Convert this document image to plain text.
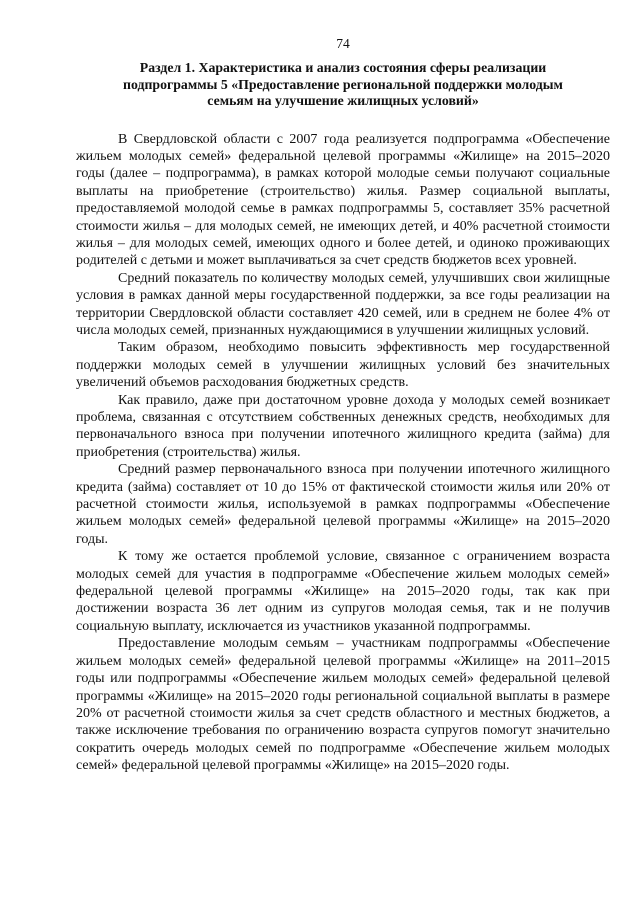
74
Раздел 1. Характеристика и анализ состояния сферы реализации
подпрограммы 5 «Предоставление региональной поддержки молодым
семьям на улучшение жилищных условий»

В Свердловской области с 2007 года реализуется подпрограмма «Обеспечение жильем молодых семей» федеральной целевой программы «Жилище» на 2015–2020 годы (далее – подпрограмма), в рамках которой молодые семьи получают социальные выплаты на приобретение (строительство) жилья. Размер социальной выплаты, предоставляемой молодой семье в рамках подпрограммы 5, составляет 35% расчетной стоимости жилья – для молодых семей, не имеющих детей, и 40% расчетной стоимости жилья – для молодых семей, имеющих одного и более детей, и одиноко проживающих родителей с детьми и может выплачиваться за счет средств бюджетов всех уровней.

Средний показатель по количеству молодых семей, улучшивших свои жилищные условия в рамках данной меры государственной поддержки, за все годы реализации на территории Свердловской области составляет 420 семей, или в среднем не более 4% от числа молодых семей, признанных нуждающимися в улучшении жилищных условий.

Таким образом, необходимо повысить эффективность мер государственной поддержки молодых семей в улучшении жилищных условий без значительных увеличений объемов расходования бюджетных средств.

Как правило, даже при достаточном уровне дохода у молодых семей возникает проблема, связанная с отсутствием собственных денежных средств, необходимых для первоначального взноса при получении ипотечного жилищного кредита (займа) для приобретения (строительства) жилья.

Средний размер первоначального взноса при получении ипотечного жилищного кредита (займа) составляет от 10 до 15% от фактической стоимости жилья или 20% от расчетной стоимости жилья, используемой в рамках подпрограммы «Обеспечение жильем молодых семей» федеральной целевой программы «Жилище» на 2015–2020 годы.

К тому же остается проблемой условие, связанное с ограничением возраста молодых семей для участия в подпрограмме «Обеспечение жильем молодых семей» федеральной целевой программы «Жилище» на 2015–2020 годы, так как при достижении возраста 36 лет одним из супругов молодая семья, так и не получив социальную выплату, исключается из участников указанной подпрограммы.

Предоставление молодым семьям – участникам подпрограммы «Обеспечение жильем молодых семей» федеральной целевой программы «Жилище» на 2011–2015 годы или подпрограммы «Обеспечение жильем молодых семей» федеральной целевой программы «Жилище» на 2015–2020 годы региональной социальной выплаты в размере 20% от расчетной стоимости жилья за счет средств областного и местных бюджетов, а также исключение требования по ограничению возраста супругов помогут значительно сократить очередь молодых семей по подпрограмме «Обеспечение жильем молодых семей» федеральной целевой программы «Жилище» на 2015–2020 годы.
